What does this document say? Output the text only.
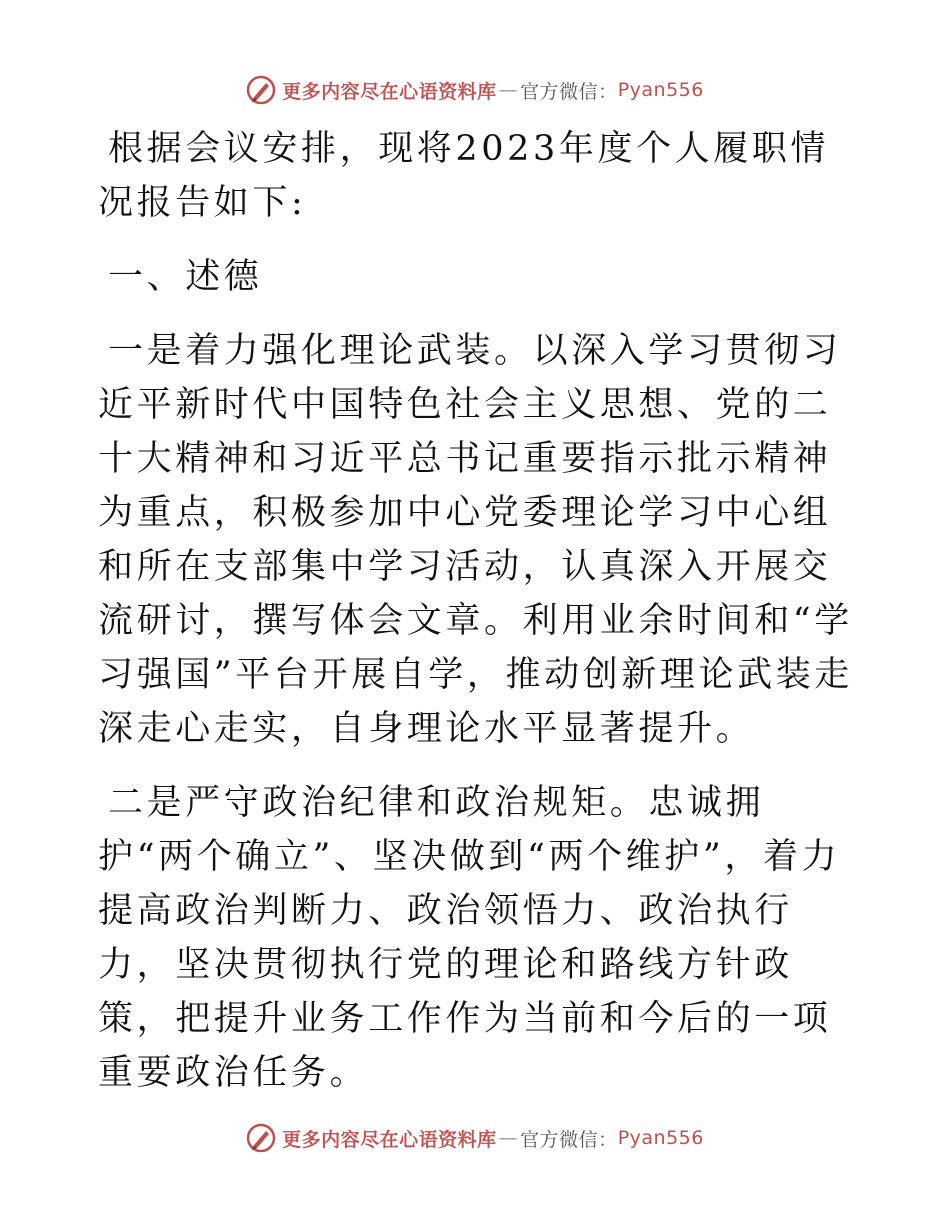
更多内容尽在心语资料库 — 官方微信： Pyan556

根据会议安排，现将2023年度个人履职情况报告如下:

一、述德

一是着力强化理论武装。以深入学习贯彻习近平新时代中国特色社会主义思想、党的二十大精神和习近平总书记重要指示批示精神为重点，积极参加中心党委理论学习中心组和所在支部集中学习活动，认真深入开展交流研讨，撰写体会文章。利用业余时间和“学习强国”平台开展自学，推动创新理论武装走深走心走实，自身理论水平显著提升。

二是严守政治纪律和政治规矩。忠诚拥护“两个确立”、坚决做到“两个维护”，着力提高政治判断力、政治领悟力、政治执行力，坚决贯彻执行党的理论和路线方针政策，把提升业务工作作为当前和今后的一项重要政治任务。

更多内容尽在心语资料库 — 官方微信： Pyan556
